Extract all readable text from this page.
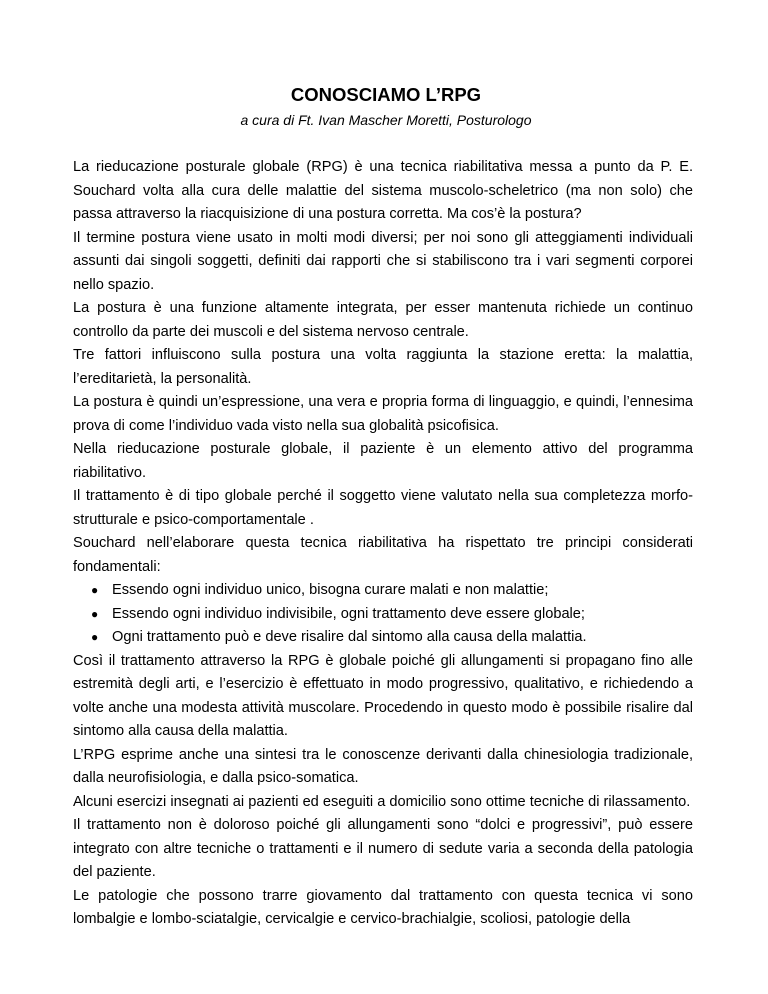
CONOSCIAMO L’RPG

a cura di Ft. Ivan Mascher Moretti, Posturologo

La rieducazione posturale globale (RPG) è una tecnica riabilitativa messa a punto da P. E. Souchard volta alla cura delle malattie del sistema muscolo-scheletrico (ma non solo) che passa attraverso la riacquisizione di una postura corretta. Ma cos’è la postura?

Il termine postura viene usato in molti modi diversi; per noi sono gli atteggiamenti individuali assunti dai singoli soggetti, definiti dai rapporti che si stabiliscono tra i vari segmenti corporei nello spazio.

La postura è una funzione altamente integrata, per esser mantenuta richiede un continuo controllo da parte dei muscoli e del sistema nervoso centrale.

Tre fattori influiscono sulla postura una volta raggiunta la stazione eretta: la malattia, l’ereditarietà, la personalità.

La postura è quindi un’espressione, una vera e propria forma di linguaggio, e quindi, l’ennesima prova di come l’individuo vada visto nella sua globalità psicofisica.

Nella rieducazione posturale globale, il paziente è un elemento attivo del programma riabilitativo.

Il trattamento è di tipo globale perché il soggetto viene valutato nella sua completezza morfo-strutturale e psico-comportamentale .

Souchard nell’elaborare questa tecnica riabilitativa ha rispettato tre principi considerati fondamentali:

● Essendo ogni individuo unico, bisogna curare malati e non malattie;
● Essendo ogni individuo indivisibile, ogni trattamento deve essere globale;
● Ogni trattamento può e deve risalire dal sintomo alla causa della malattia.

Così il trattamento attraverso la RPG è globale poiché gli allungamenti si propagano fino alle estremità degli arti, e l’esercizio è effettuato in modo progressivo, qualitativo, e richiedendo a volte anche una modesta attività muscolare. Procedendo in questo modo è possibile risalire dal sintomo alla causa della malattia.

L’RPG esprime anche una sintesi tra le conoscenze derivanti dalla chinesiologia tradizionale, dalla neurofisiologia, e dalla psico-somatica.

Alcuni esercizi insegnati ai pazienti ed eseguiti a domicilio sono ottime tecniche di rilassamento.

Il trattamento non è doloroso poiché gli allungamenti sono “dolci e progressivi”, può essere integrato con altre tecniche o trattamenti e il numero di sedute varia a seconda della patologia del paziente.

Le patologie che possono trarre giovamento dal trattamento con questa tecnica vi sono lombalgie e lombo-sciatalgie, cervicalgie e cervico-brachialgie, scoliosi, patologie della
